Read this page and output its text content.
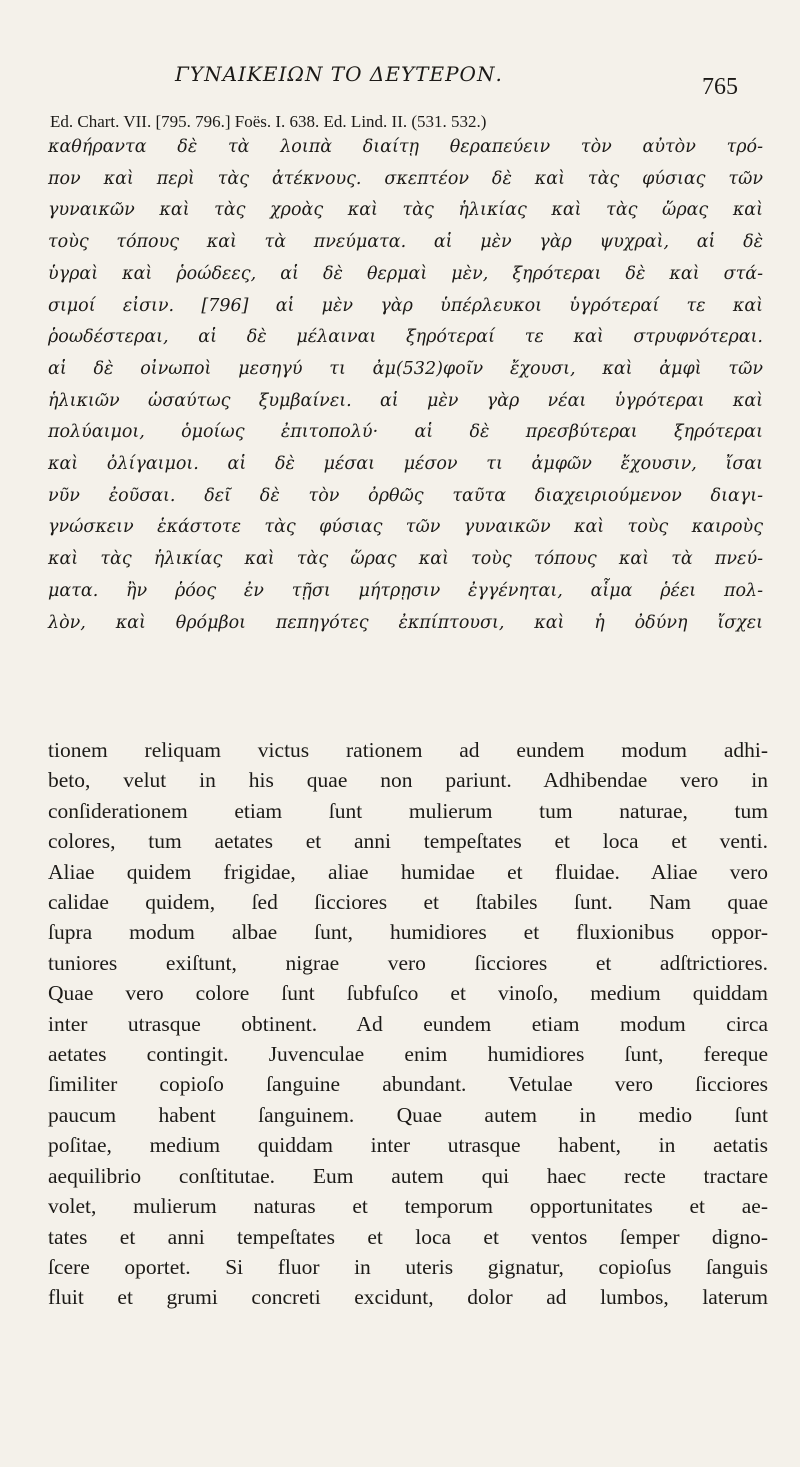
ΓΥΝΑΙΚΕΙΩΝ ΤΟ ΔΕΥΤΕΡΟΝ.	765
Ed. Chart. VII. [795. 796.] Foës. I. 638. Ed. Lind. II. (531. 532.)
καθήραντα δὲ τὰ λοιπὰ διαίτῃ θεραπεύειν τὸν αὐτὸν τρό-
πον καὶ περὶ τὰς ἀτέκνους. σκεπτέον δὲ καὶ τὰς φύσιας τῶν
γυναικῶν καὶ τὰς χροὰς καὶ τὰς ἡλικίας καὶ τὰς ὥρας καὶ
τοὺς τόπους καὶ τὰ πνεύματα. αἱ μὲν γὰρ ψυχραὶ, αἱ δὲ
ὑγραὶ καὶ ῥοώδεες, αἱ δὲ θερμαὶ μὲν, ξηρότεραι δὲ καὶ στά-
σιμοί εἰσιν. [796] αἱ μὲν γὰρ ὑπέρλευκοι ὑγρότεραί τε καὶ
ῥοωδέστεραι, αἱ δὲ μέλαιναι ξηρότεραί τε καὶ στρυφνότεραι.
αἱ δὲ οἰνωποὶ μεσηγύ τι ἀμ(532)φοῖν ἔχουσι, καὶ ἀμφὶ τῶν
ἡλικιῶν ὡσαύτως ξυμβαίνει. αἱ μὲν γὰρ νέαι ὑγρότεραι καὶ
πολύαιμοι, ὁμοίως ἐπιτοπολύ· αἱ δὲ πρεσβύτεραι ξηρότεραι
καὶ ὀλίγαιμοι. αἱ δὲ μέσαι μέσον τι ἀμφῶν ἔχουσιν, ἴσαι
νῦν ἐοῦσαι. δεῖ δὲ τὸν ὀρθῶς ταῦτα διαχειριούμενον διαγι-
γνώσκειν ἑκάστοτε τὰς φύσιας τῶν γυναικῶν καὶ τοὺς καιροὺς
καὶ τὰς ἡλικίας καὶ τὰς ὥρας καὶ τοὺς τόπους καὶ τὰ πνεύ-
ματα. ἢν ῥόος ἐν τῇσι μήτρῃσιν ἐγγένηται, αἷμα ῥέει πολ-
λὸν, καὶ θρόμβοι πεπηγότες ἐκπίπτουσι, καὶ ἡ ὀδύνη ἴσχει
tionem reliquam victus rationem ad eundem modum adhi-
beto, velut in his quae non pariunt. Adhibendae vero in
conſiderationem etiam ſunt mulierum tum naturae, tum
colores, tum aetates et anni tempeſtates et loca et venti.
Aliae quidem frigidae, aliae humidae et fluidae. Aliae vero
calidae quidem, ſed ſicciores et ſtabiles ſunt. Nam quae
ſupra modum albae ſunt, humidiores et fluxionibus oppor-
tuniores exiſtunt, nigrae vero ſicciores et adſtrictiores.
Quae vero colore ſunt ſubfuſco et vinoſo, medium quiddam
inter utrasque obtinent. Ad eundem etiam modum circa
aetates contingit. Juvenculae enim humidiores ſunt, fereque
ſimiliter copioſo ſanguine abundant. Vetulae vero ſicciores
paucum habent ſanguinem. Quae autem in medio ſunt
poſitae, medium quiddam inter utrasque habent, in aetatis
aequilibrio conſtitutae. Eum autem qui haec recte tractare
volet, mulierum naturas et temporum opportunitates et ae-
tates et anni tempeſtates et loca et ventos ſemper digno-
ſcere oportet. Si fluor in uteris gignatur, copioſus ſanguis
fluit et grumi concreti excidunt, dolor ad lumbos, laterum
